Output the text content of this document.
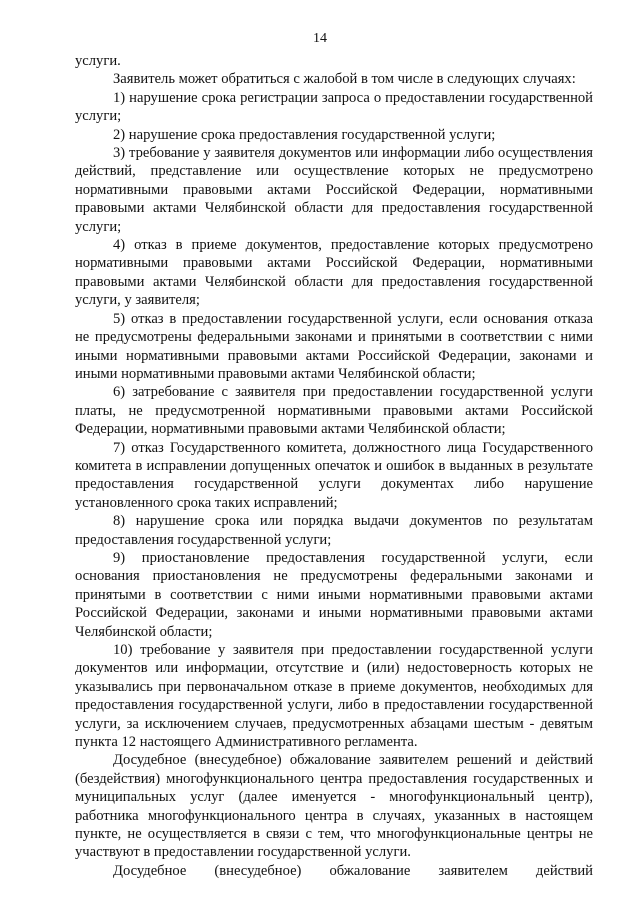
14

услуги.

Заявитель может обратиться с жалобой в том числе в следующих случаях:

1) нарушение срока регистрации запроса о предоставлении государственной услуги;

2) нарушение срока предоставления государственной услуги;

3) требование у заявителя документов или информации либо осуществления действий, представление или осуществление которых не предусмотрено нормативными правовыми актами Российской Федерации, нормативными правовыми актами Челябинской области для предоставления государственной услуги;

4) отказ в приеме документов, предоставление которых предусмотрено нормативными правовыми актами Российской Федерации, нормативными правовыми актами Челябинской области для предоставления государственной услуги, у заявителя;

5) отказ в предоставлении государственной услуги, если основания отказа не предусмотрены федеральными законами и принятыми в соответствии с ними иными нормативными правовыми актами Российской Федерации, законами и иными нормативными правовыми актами Челябинской области;

6) затребование с заявителя при предоставлении государственной услуги платы, не предусмотренной нормативными правовыми актами Российской Федерации, нормативными правовыми актами Челябинской области;

7) отказ Государственного комитета, должностного лица Государственного комитета в исправлении допущенных опечаток и ошибок в выданных в результате предоставления государственной услуги документах либо нарушение установленного срока таких исправлений;

8) нарушение срока или порядка выдачи документов по результатам предоставления государственной услуги;

9) приостановление предоставления государственной услуги, если основания приостановления не предусмотрены федеральными законами и принятыми в соответствии с ними иными нормативными правовыми актами Российской Федерации, законами и иными нормативными правовыми актами Челябинской области;

10) требование у заявителя при предоставлении государственной услуги документов или информации, отсутствие и (или) недостоверность которых не указывались при первоначальном отказе в приеме документов, необходимых для предоставления государственной услуги, либо в предоставлении государственной услуги, за исключением случаев, предусмотренных абзацами шестым - девятым пункта 12 настоящего Административного регламента.

Досудебное (внесудебное) обжалование заявителем решений и действий (бездействия) многофункционального центра предоставления государственных и муниципальных услуг (далее именуется - многофункциональный центр), работника многофункционального центра в случаях, указанных в настоящем пункте, не осуществляется в связи с тем, что многофункциональные центры не участвуют в предоставлении государственной услуги.

Досудебное (внесудебное) обжалование заявителем действий
